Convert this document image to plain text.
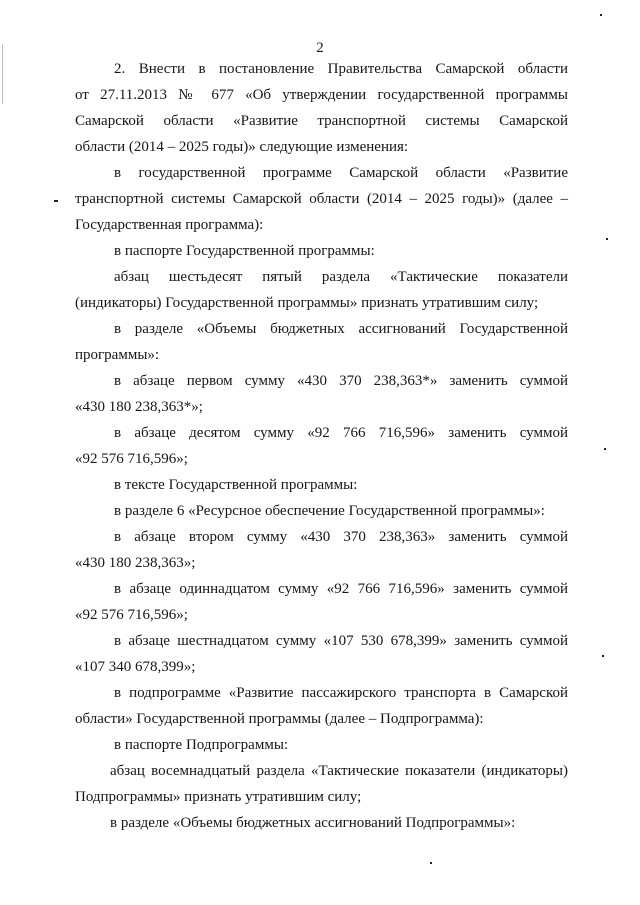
2
2. Внести в постановление Правительства Самарской области
от 27.11.2013 № 677 «Об утверждении государственной программы
Самарской области «Развитие транспортной системы Самарской
области (2014 – 2025 годы)» следующие изменения:
в государственной программе Самарской области «Развитие
транспортной системы Самарской области (2014 – 2025 годы)» (далее –
Государственная программа):
в паспорте Государственной программы:
абзац шестьдесят пятый раздела «Тактические показатели
(индикаторы) Государственной программы» признать утратившим силу;
в разделе «Объемы бюджетных ассигнований Государственной
программы»:
в абзаце первом сумму «430 370 238,363*» заменить суммой
«430 180 238,363*»;
в абзаце десятом сумму «92 766 716,596» заменить суммой
«92 576 716,596»;
в тексте Государственной программы:
в разделе 6 «Ресурсное обеспечение Государственной программы»:
в абзаце втором сумму «430 370 238,363» заменить суммой
«430 180 238,363»;
в абзаце одиннадцатом сумму «92 766 716,596» заменить суммой
«92 576 716,596»;
в абзаце шестнадцатом сумму «107 530 678,399» заменить суммой
«107 340 678,399»;
в подпрограмме «Развитие пассажирского транспорта в Самарской
области» Государственной программы (далее – Подпрограмма):
в паспорте Подпрограммы:
абзац восемнадцатый раздела «Тактические показатели (индикаторы)
Подпрограммы» признать утратившим силу;
в разделе «Объемы бюджетных ассигнований Подпрограммы»:
